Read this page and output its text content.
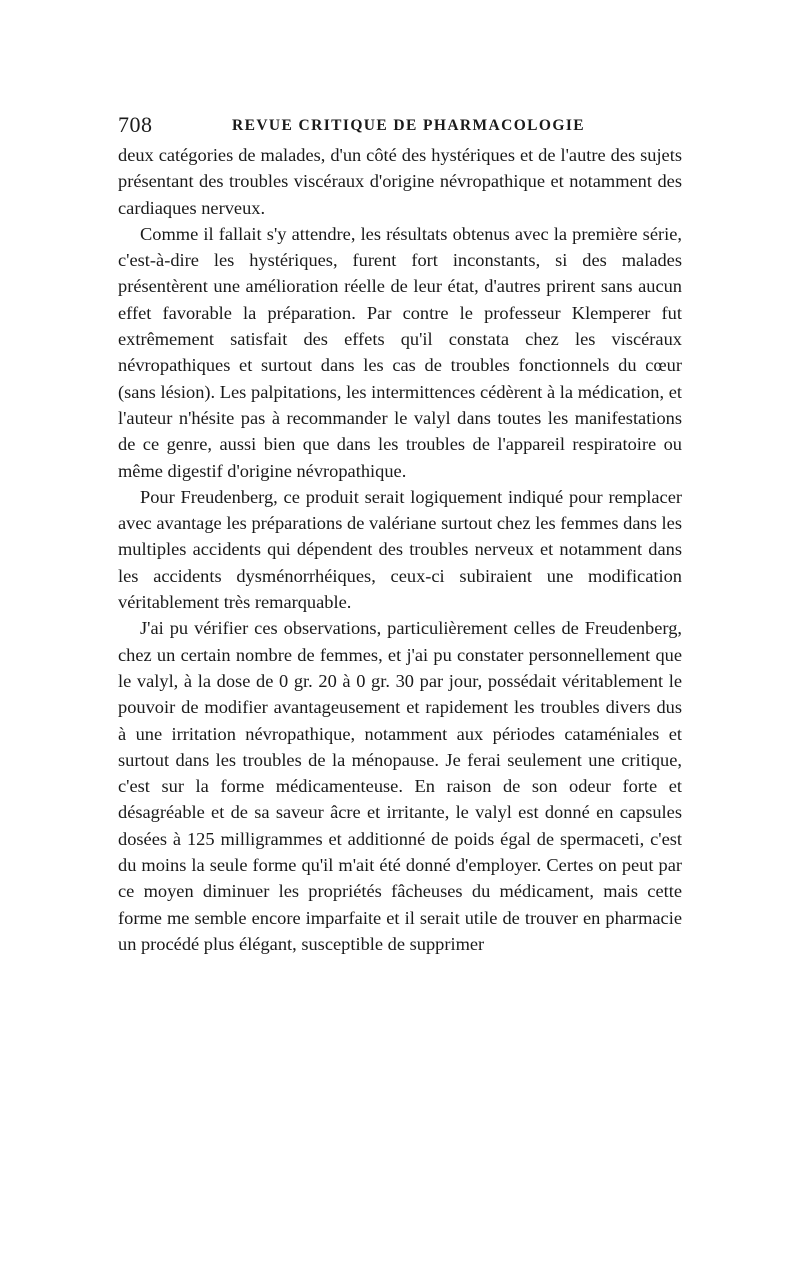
708	REVUE CRITIQUE DE PHARMACOLOGIE

deux catégories de malades, d'un côté des hystériques et de l'autre des sujets présentant des troubles viscéraux d'origine névropathique et notamment des cardiaques nerveux.

Comme il fallait s'y attendre, les résultats obtenus avec la première série, c'est-à-dire les hystériques, furent fort inconstants, si des malades présentèrent une amélioration réelle de leur état, d'autres prirent sans aucun effet favorable la préparation. Par contre le professeur Klemperer fut extrêmement satisfait des effets qu'il constata chez les viscéraux névropathiques et surtout dans les cas de troubles fonctionnels du cœur (sans lésion). Les palpitations, les intermittences cédèrent à la médication, et l'auteur n'hésite pas à recommander le valyl dans toutes les manifestations de ce genre, aussi bien que dans les troubles de l'appareil respiratoire ou même digestif d'origine névropathique.

Pour Freudenberg, ce produit serait logiquement indiqué pour remplacer avec avantage les préparations de valériane surtout chez les femmes dans les multiples accidents qui dépendent des troubles nerveux et notamment dans les accidents dysménorrhéiques, ceux-ci subiraient une modification véritablement très remarquable.

J'ai pu vérifier ces observations, particulièrement celles de Freudenberg, chez un certain nombre de femmes, et j'ai pu constater personnellement que le valyl, à la dose de 0 gr. 20 à 0 gr. 30 par jour, possédait véritablement le pouvoir de modifier avantageusement et rapidement les troubles divers dus à une irritation névropathique, notamment aux périodes cataméniales et surtout dans les troubles de la ménopause. Je ferai seulement une critique, c'est sur la forme médicamenteuse. En raison de son odeur forte et désagréable et de sa saveur âcre et irritante, le valyl est donné en capsules dosées à 125 milligrammes et additionné de poids égal de spermaceti, c'est du moins la seule forme qu'il m'ait été donné d'employer. Certes on peut par ce moyen diminuer les propriétés fâcheuses du médicament, mais cette forme me semble encore imparfaite et il serait utile de trouver en pharmacie un procédé plus élégant, susceptible de supprimer
